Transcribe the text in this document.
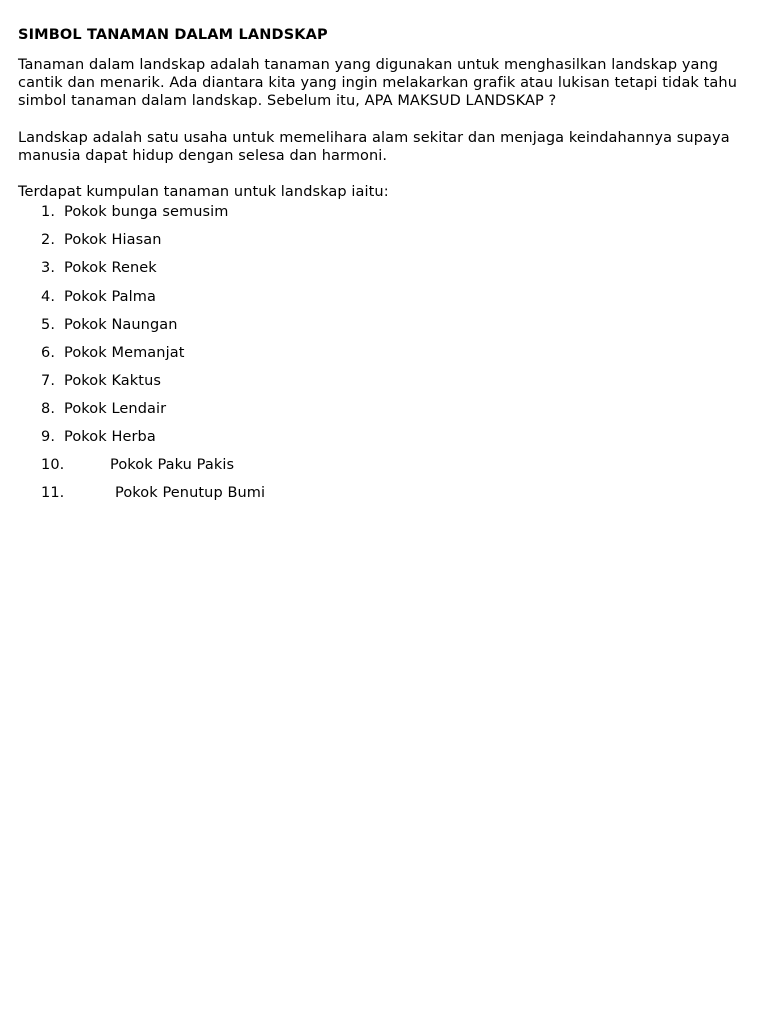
SIMBOL TANAMAN DALAM LANDSKAP

Tanaman dalam landskap adalah tanaman yang digunakan untuk menghasilkan landskap yang cantik dan menarik. Ada diantara kita yang ingin melakarkan grafik atau lukisan tetapi tidak tahu simbol tanaman dalam landskap. Sebelum itu, APA MAKSUD LANDSKAP ?

Landskap adalah satu usaha untuk memelihara alam sekitar dan menjaga keindahannya supaya manusia dapat hidup dengan selesa dan harmoni.

Terdapat kumpulan tanaman untuk landskap iaitu:

1. Pokok bunga semusim
2. Pokok Hiasan
3. Pokok Renek
4. Pokok Palma
5. Pokok Naungan
6. Pokok Memanjat
7. Pokok Kaktus
8. Pokok Lendair
9. Pokok Herba
10.	Pokok Paku Pakis
11.	Pokok Penutup Bumi
